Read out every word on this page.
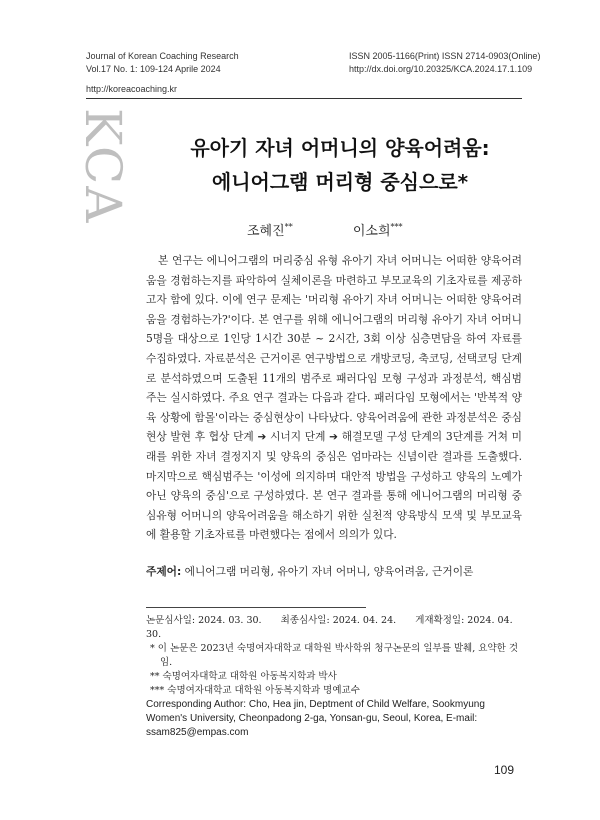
Journal of Korean Coaching Research
Vol.17 No. 1: 109-124 Aprile 2024
ISSN 2005-1166(Print) ISSN 2714-0903(Online)
http://dx.doi.org/10.20325/KCA.2024.17.1.109
http://koreacoaching.kr
KCA	유아기 자녀 어머니의 양육어려움:
에니어그램 머리형 중심으로*
조혜진**	이소희***
본 연구는 에니어그램의 머리중심 유형 유아기 자녀 어머니는 어떠한 양육어려움을 경험하는지를 파악하여 실체이론을 마련하고 부모교육의 기초자료를 제공하고자 함에 있다. 이에 연구 문제는 '머리형 유아기 자녀 어머니는 어떠한 양육어려움을 경험하는가?'이다. 본 연구를 위해 에니어그램의 머리형 유아기 자녀 어머니 5명을 대상으로 1인당 1시간 30분 ~ 2시간, 3회 이상 심층면담을 하여 자료를 수집하였다. 자료분석은 근거이론 연구방법으로 개방코딩, 축코딩, 선택코딩 단계로 분석하였으며 도출된 11개의 범주로 패러다임 모형 구성과 과정분석, 핵심범주는 실시하였다. 주요 연구 결과는 다음과 같다. 패러다임 모형에서는 '반복적 양육 상황에 함몰'이라는 중심현상이 나타났다. 양육어려움에 관한 과정분석은 중심현상 발현 후 협상 단계 ➔ 시너지 단계 ➔ 해결모델 구성 단계의 3단계를 거쳐 미래를 위한 자녀 결정지지 및 양육의 중심은 엄마라는 신념이란 결과를 도출했다. 마지막으로 핵심범주는 '이성에 의지하며 대안적 방법을 구성하고 양육의 노예가 아닌 양육의 중심'으로 구성하였다. 본 연구 결과를 통해 에니어그램의 머리형 중심유형 어머니의 양육어려움을 해소하기 위한 실천적 양육방식 모색 및 부모교육에 활용할 기초자료를 마련했다는 점에서 의의가 있다.
주제어: 에니어그램 머리형, 유아기 자녀 어머니, 양육어려움, 근거이론
논문심사일: 2024. 03. 30. 최종심사일: 2024. 04. 24. 게재확정일: 2024. 04. 30.
* 이 논문은 2023년 숙명여자대학교 대학원 박사학위 청구논문의 일부를 발췌, 요약한 것임.
** 숙명여자대학교 대학원 아동복지학과 박사
*** 숙명여자대학교 대학원 아동복지학과 명예교수
Corresponding Author: Cho, Hea jin, Deptment of Child Welfare, Sookmyung Women's University, Cheonpadong 2-ga, Yonsan-gu, Seoul, Korea, E-mail: ssam825@empas.com
109
